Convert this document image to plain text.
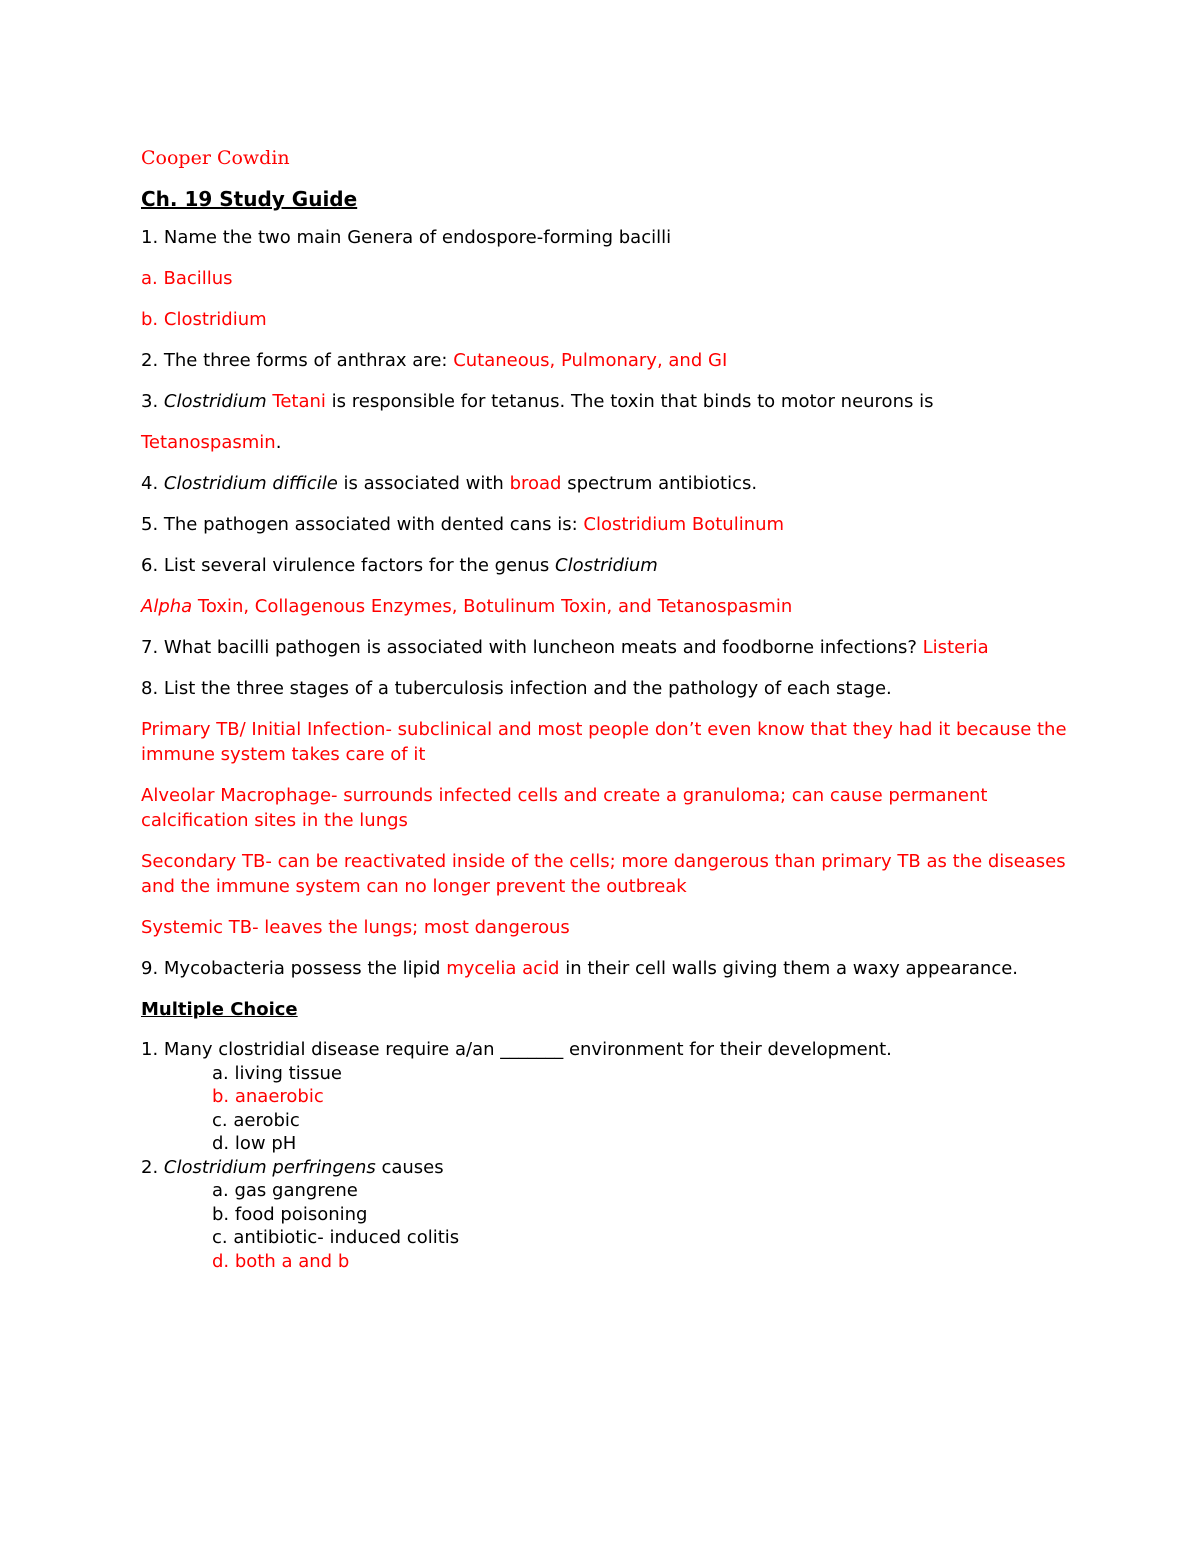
Cooper Cowdin
Ch. 19 Study Guide
1. Name the two main Genera of endospore-forming bacilli
a. Bacillus
b. Clostridium
2. The three forms of anthrax are: Cutaneous, Pulmonary, and GI
3. Clostridium Tetani is responsible for tetanus. The toxin that binds to motor neurons is
Tetanospasmin.
4. Clostridium difficile is associated with broad spectrum antibiotics.
5. The pathogen associated with dented cans is: Clostridium Botulinum
6. List several virulence factors for the genus Clostridium
Alpha Toxin, Collagenous Enzymes, Botulinum Toxin, and Tetanospasmin
7. What bacilli pathogen is associated with luncheon meats and foodborne infections? Listeria
8. List the three stages of a tuberculosis infection and the pathology of each stage.
Primary TB/ Initial Infection- subclinical and most people don’t even know that they had it because the immune system takes care of it
Alveolar Macrophage- surrounds infected cells and create a granuloma; can cause permanent calcification sites in the lungs
Secondary TB- can be reactivated inside of the cells; more dangerous than primary TB as the diseases and the immune system can no longer prevent the outbreak
Systemic TB- leaves the lungs; most dangerous
9. Mycobacteria possess the lipid mycelia acid in their cell walls giving them a waxy appearance.
Multiple Choice
1. Many clostridial disease require a/an _______ environment for their development.
a. living tissue
b. anaerobic
c. aerobic
d. low pH
2. Clostridium perfringens causes
a. gas gangrene
b. food poisoning
c. antibiotic- induced colitis
d. both a and b
